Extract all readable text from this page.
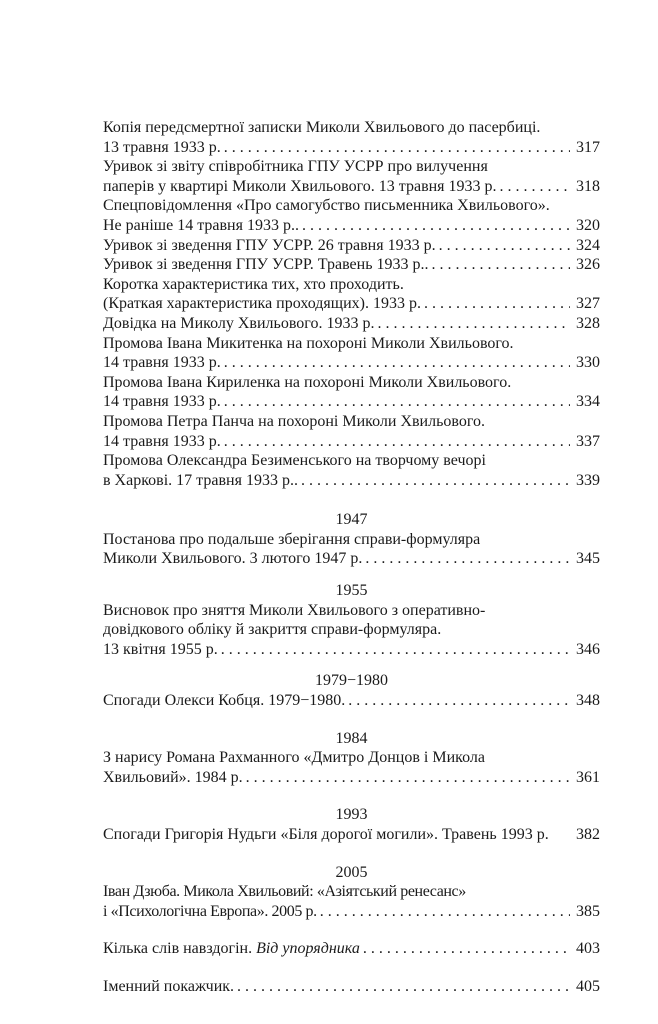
Копія передсмертної записки Миколи Хвильового до пасербиці.
13 травня 1933 р. . . .	317
Уривок зі звіту співробітника ГПУ УСРР про вилучення
паперів у квартирі Миколи Хвильового. 13 травня 1933 р. . . .	318
Спецповідомлення «Про самогубство письменника Хвильового».
Не раніше 14 травня 1933 р.. . . .	320
Уривок зі зведення ГПУ УСРР. 26 травня 1933 р. . . .	324
Уривок зі зведення ГПУ УСРР. Травень 1933 р.. . . .	326
Коротка характеристика тих, хто проходить.
(Краткая характеристика проходящих). 1933 р. . . .	327
Довідка на Миколу Хвильового. 1933 р. . . .	328
Промова Івана Микитенка на похороні Миколи Хвильового.
14 травня 1933 р. . . .	330
Промова Івана Кириленка на похороні Миколи Хвильового.
14 травня 1933 р. . . .	334
Промова Петра Панча на похороні Миколи Хвильового.
14 травня 1933 р. . . .	337
Промова Олександра Безименського на творчому вечорі
в Харкові. 17 травня 1933 р.. . . .	339
1947
Постанова про подальше зберігання справи-формуляра
Миколи Хвильового. 3 лютого 1947 р. . . .	345
1955
Висновок про зняття Миколи Хвильового з оперативно-
довідкового обліку й закриття справи-формуляра.
13 квітня 1955 р. . . .	346
1979−1980
Спогади Олекси Кобця. 1979−1980. . . .	348
1984
З нарису Романа Рахманного «Дмитро Донцов і Микола
Хвильовий». 1984 р. . . .	361
1993
Спогади Григорія Нудьги «Біля дорогої могили». Травень 1993 р.	382
2005
Іван Дзюба. Микола Хвильовий: «Азіятський ренесанс»
і «Психологічна Европа». 2005 р. . . .	385
Кілька слів навздогін. Від упорядника . . .	403
Іменний покажчик. . . .	405
